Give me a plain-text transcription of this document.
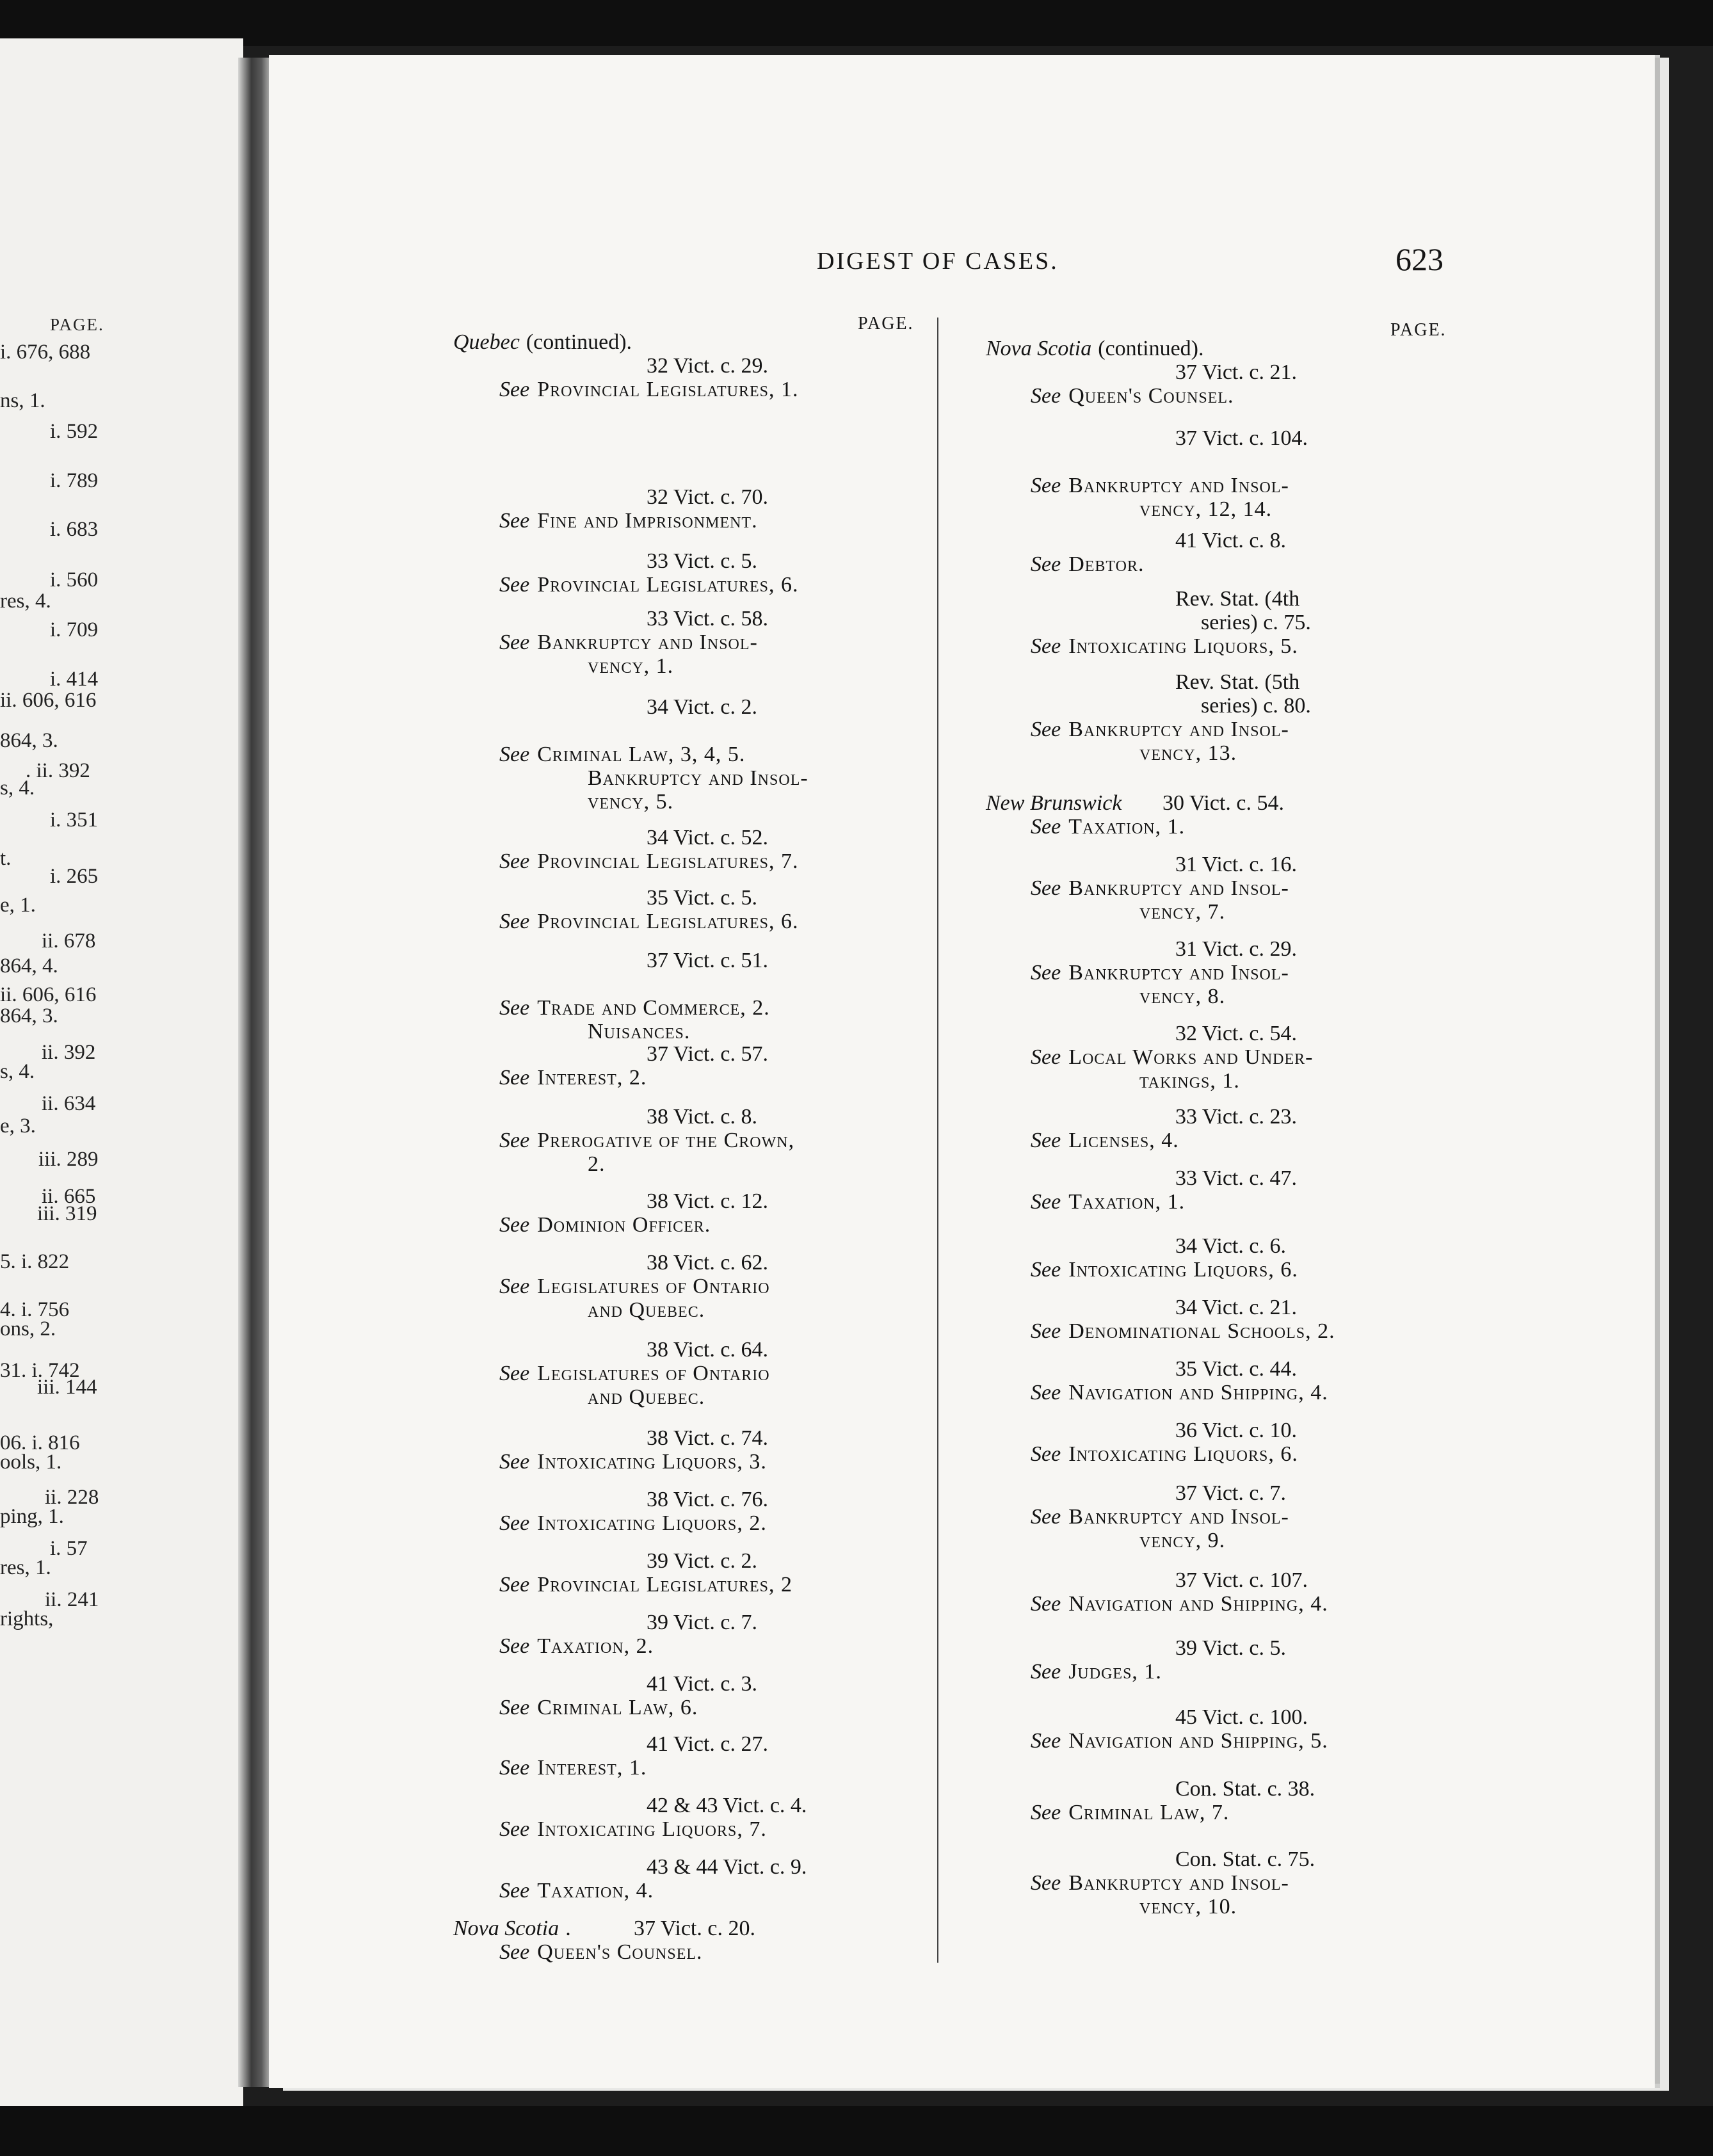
PAGE.
i. 676, 688
ns, 1.
i. 592
i. 789
i. 683
i. 560
res, 4.
i. 709
i. 414
ii. 606, 616
864, 3.
. ii. 392
s, 4.
i. 351
t.
i. 265
e, 1.
ii. 678
864, 4.
ii. 606, 616
864, 3.
ii. 392
s, 4.
ii. 634
e, 3.
iii. 289
ii. 665
iii. 319
5. i. 822
4. i. 756
ons, 2.
31. i. 742
iii. 144
06. i. 816
ools, 1.
ii. 228
ping, 1.
i. 57
res, 1.
ii. 241
rights,
DIGEST OF CASES.	623
PAGE.	PAGE.
Quebec (continued).
32 Vict. c. 29.
See Provincial Legislatures, 1.
32 Vict. c. 70.
See Fine and Imprisonment.
33 Vict. c. 5.
See Provincial Legislatures, 6.
33 Vict. c. 58.
See Bankruptcy and Insol-
vency, 1.
34 Vict. c. 2.
See Criminal Law, 3, 4, 5.
Bankruptcy and Insol-
vency, 5.
34 Vict. c. 52.
See Provincial Legislatures, 7.
35 Vict. c. 5.
See Provincial Legislatures, 6.
37 Vict. c. 51.
See Trade and Commerce, 2.
Nuisances.
37 Vict. c. 57.
See Interest, 2.
38 Vict. c. 8.
See Prerogative of the Crown,
2.
38 Vict. c. 12.
See Dominion Officer.
38 Vict. c. 62.
See Legislatures of Ontario
and Quebec.
38 Vict. c. 64.
See Legislatures of Ontario
and Quebec.
38 Vict. c. 74.
See Intoxicating Liquors, 3.
38 Vict. c. 76.
See Intoxicating Liquors, 2.
39 Vict. c. 2.
See Provincial Legislatures, 2
39 Vict. c. 7.
See Taxation, 2.
41 Vict. c. 3.
See Criminal Law, 6.
41 Vict. c. 27.
See Interest, 1.
42 & 43 Vict. c. 4.
See Intoxicating Liquors, 7.
43 & 44 Vict. c. 9.
See Taxation, 4.
Nova Scotia .	37 Vict. c. 20.
See Queen's Counsel.
Nova Scotia (continued).
37 Vict. c. 21.
See Queen's Counsel.
37 Vict. c. 104.
See Bankruptcy and Insol-
vency, 12, 14.
41 Vict. c. 8.
See Debtor.
Rev. Stat. (4th
series) c. 75.
See Intoxicating Liquors, 5.
Rev. Stat. (5th
series) c. 80.
See Bankruptcy and Insol-
vency, 13.
New Brunswick 30 Vict. c. 54.
See Taxation, 1.
31 Vict. c. 16.
See Bankruptcy and Insol-
vency, 7.
31 Vict. c. 29.
See Bankruptcy and Insol-
vency, 8.
32 Vict. c. 54.
See Local Works and Under-
takings, 1.
33 Vict. c. 23.
See Licenses, 4.
33 Vict. c. 47.
See Taxation, 1.
34 Vict. c. 6.
See Intoxicating Liquors, 6.
34 Vict. c. 21.
See Denominational Schools, 2.
35 Vict. c. 44.
See Navigation and Shipping, 4.
36 Vict. c. 10.
See Intoxicating Liquors, 6.
37 Vict. c. 7.
See Bankruptcy and Insol-
vency, 9.
37 Vict. c. 107.
See Navigation and Shipping, 4.
39 Vict. c. 5.
See Judges, 1.
45 Vict. c. 100.
See Navigation and Shipping, 5.
Con. Stat. c. 38.
See Criminal Law, 7.
Con. Stat. c. 75.
See Bankruptcy and Insol-
vency, 10.
